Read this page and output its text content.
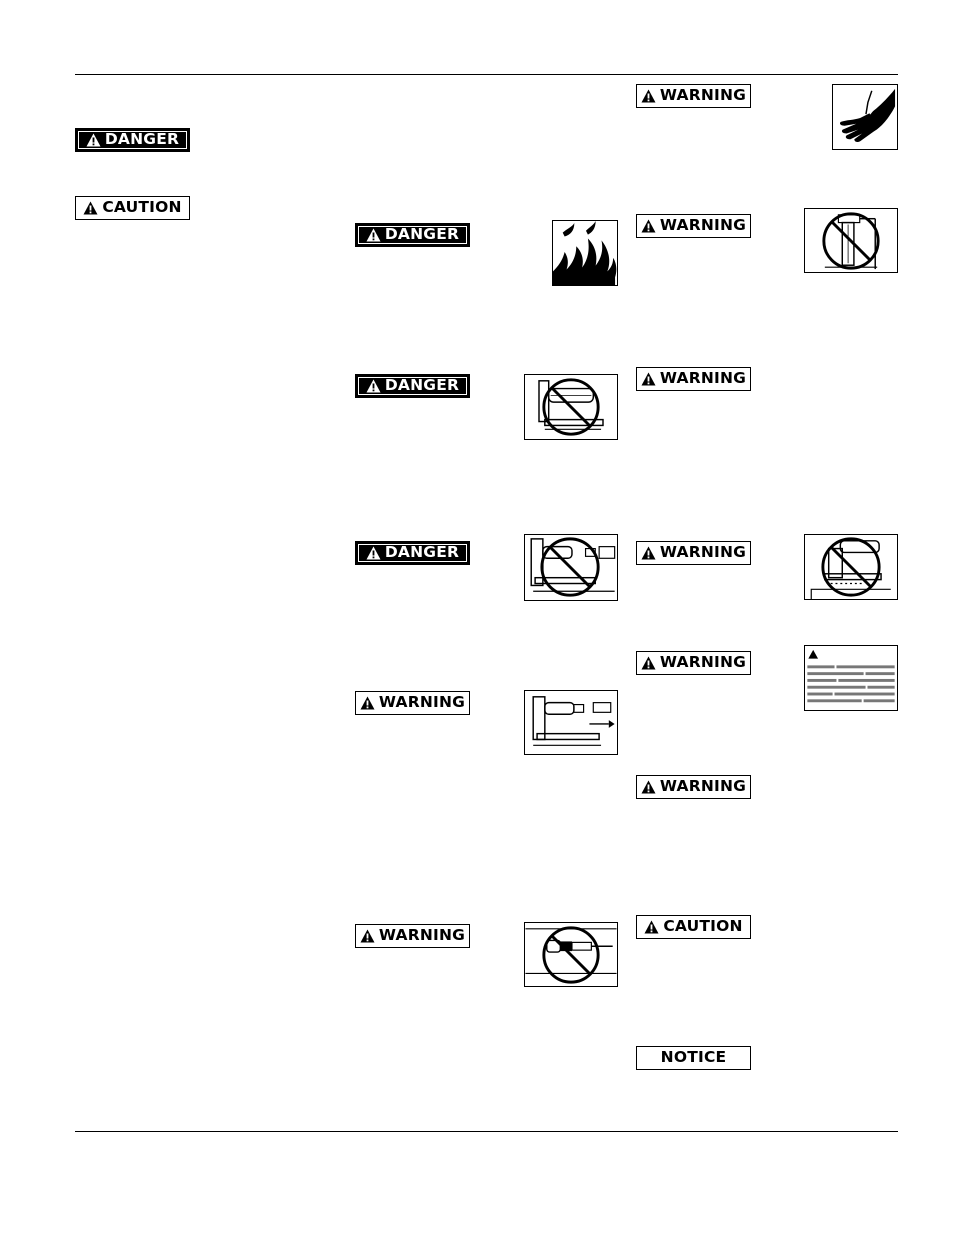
DANGER
CAUTION
DANGER
DANGER
DANGER
WARNING
WARNING
WARNING
WARNING
WARNING
WARNING
WARNING
WARNING
CAUTION
NOTICE
